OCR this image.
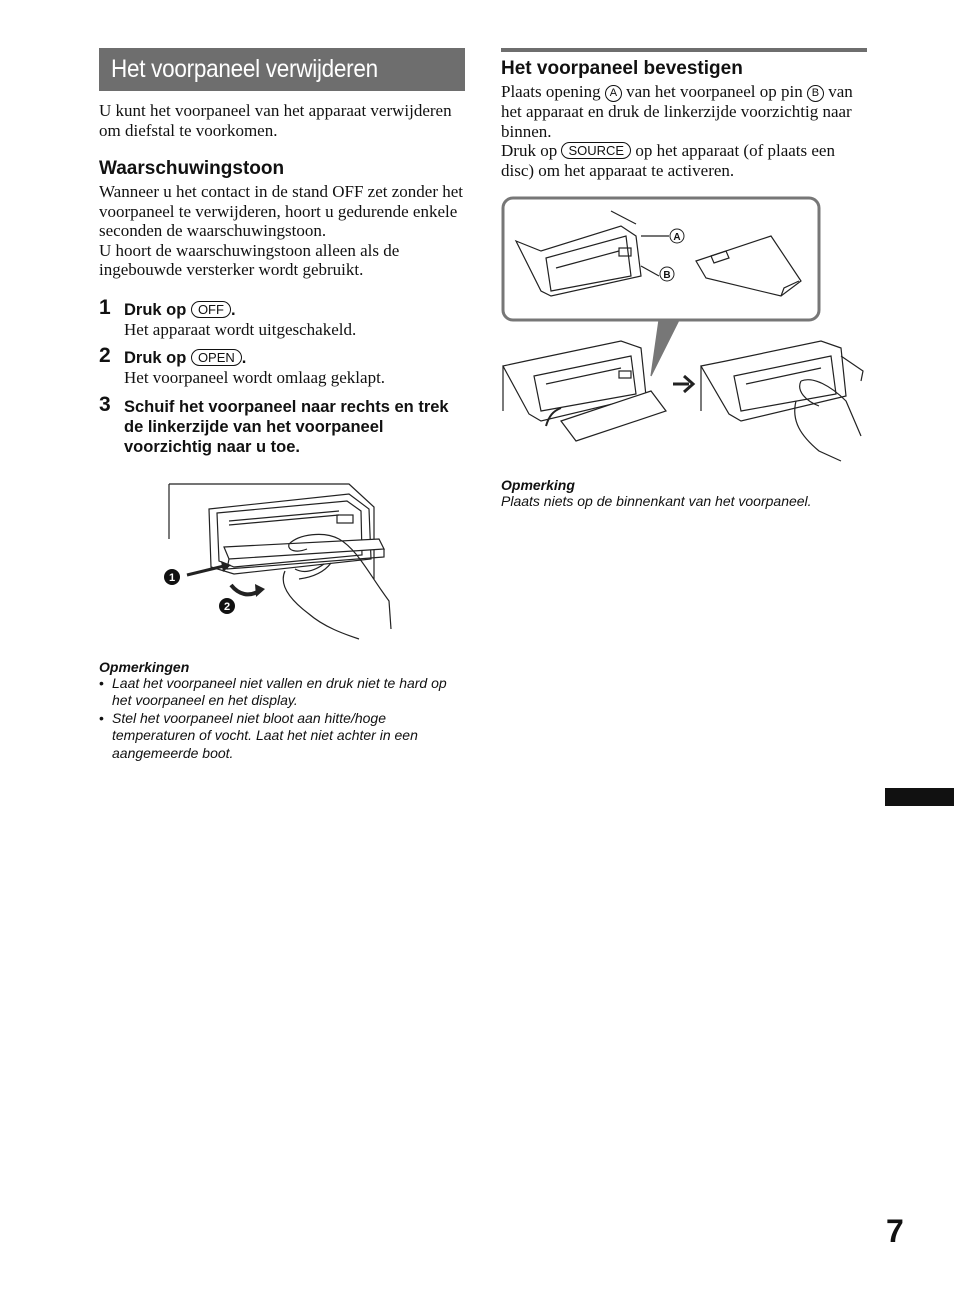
Het voorpaneel verwijderen

U kunt het voorpaneel van het apparaat verwijderen om diefstal te voorkomen.

Waarschuwingstoon

Wanneer u het contact in de stand OFF zet zonder het voorpaneel te verwijderen, hoort u gedurende enkele seconden de waarschuwingstoon.

U hoort de waarschuwingstoon alleen als de ingebouwde versterker wordt gebruikt.

1 Druk op OFF .

Het apparaat wordt uitgeschakeld.

2 Druk op OPEN .

Het voorpaneel wordt omlaag geklapt.

3 Schuif het voorpaneel naar rechts en trek de linkerzijde van het voorpaneel voorzichtig naar u toe.
1
2
Opmerkingen
• Laat het voorpaneel niet vallen en druk niet te hard op het voorpaneel en het display.
• Stel het voorpaneel niet bloot aan hitte/hoge temperaturen of vocht. Laat het niet achter in een aangemeerde boot.
Het voorpaneel bevestigen

Plaats opening A van het voorpaneel op pin B van het apparaat en druk de linkerzijde voorzichtig naar binnen.

Druk op SOURCE op het apparaat (of plaats een disc) om het apparaat te activeren.

A
B
Opmerking
Plaats niets op de binnenkant van het voorpaneel.
7
